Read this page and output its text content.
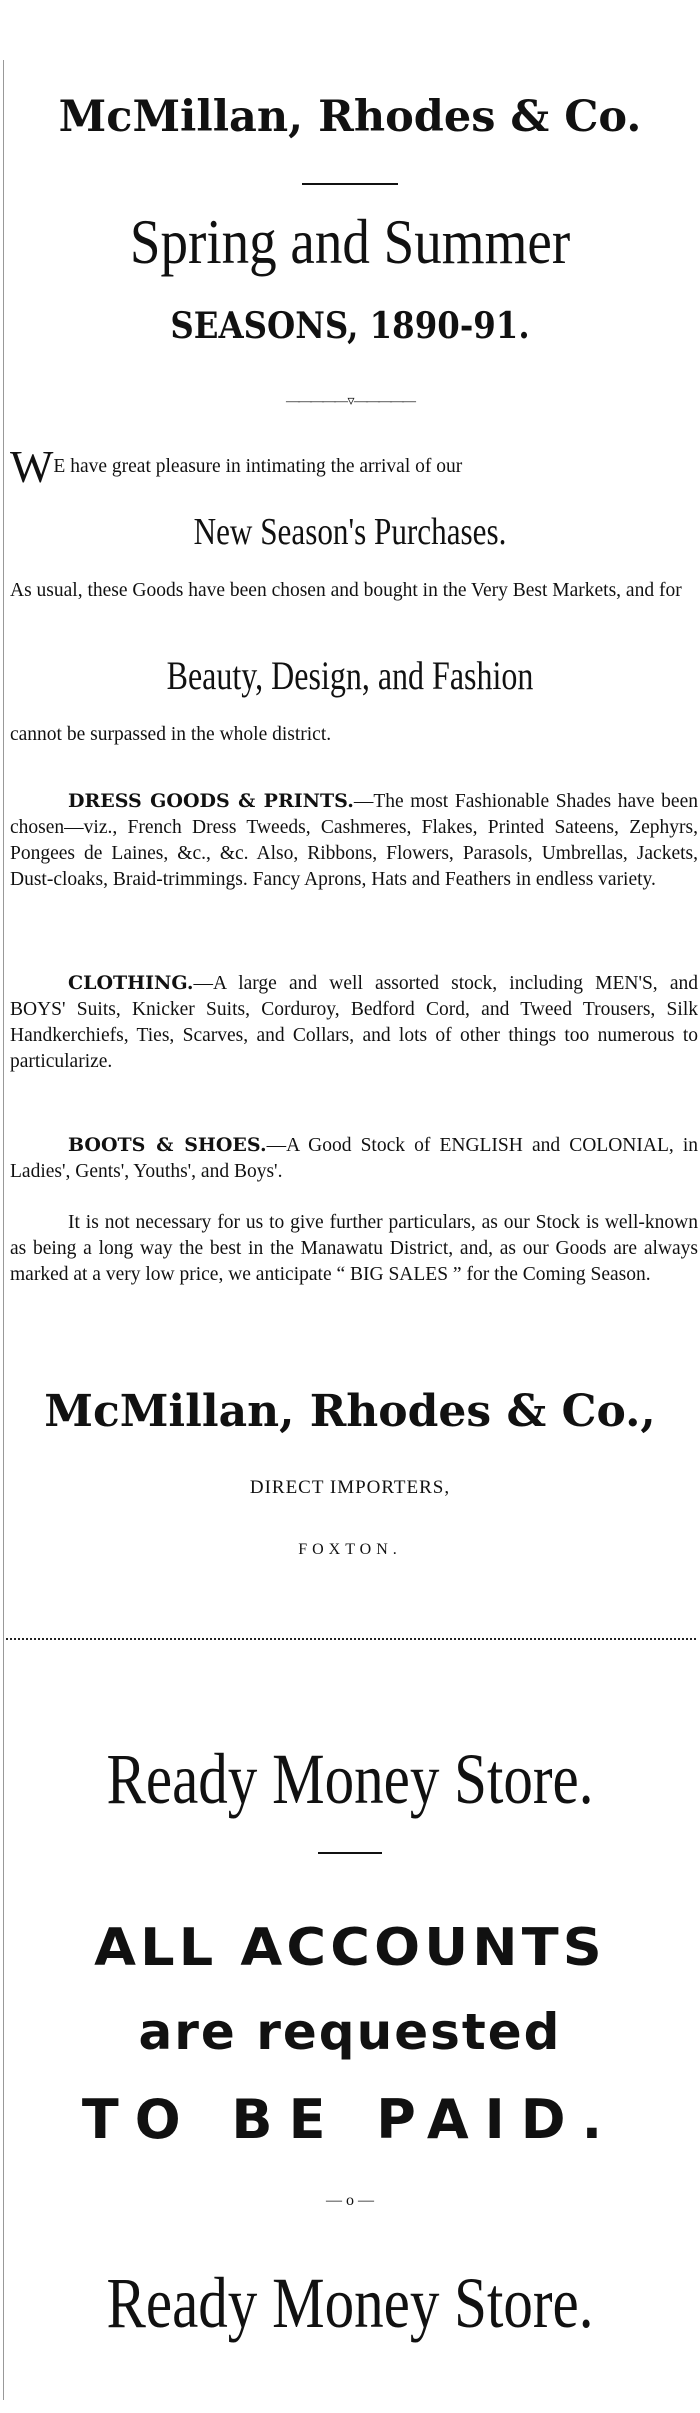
McMillan, Rhodes & Co.
Spring and Summer
SEASONS, 1890-91.
————— ▿ —————
WE have great pleasure in intimating the arrival of our
New Season's Purchases.
As usual, these Goods have been chosen and bought in the Very Best Markets, and for
Beauty, Design, and Fashion
cannot be surpassed in the whole district.

DRESS GOODS & PRINTS.—The most Fashionable Shades have been chosen—viz., French Dress Tweeds, Cashmeres, Flakes, Printed Sateens, Zephyrs, Pongees de Laines, &c., &c. Also, Ribbons, Flowers, Parasols, Umbrellas, Jackets, Dust-cloaks, Braid-trimmings. Fancy Aprons, Hats and Feathers in endless variety.

CLOTHING.—A large and well assorted stock, including MEN'S, and BOYS' Suits, Knicker Suits, Corduroy, Bedford Cord, and Tweed Trousers, Silk Handkerchiefs, Ties, Scarves, and Collars, and lots of other things too numerous to particularize.

BOOTS & SHOES.—A Good Stock of ENGLISH and COLONIAL, in Ladies', Gents', Youths', and Boys'.

It is not necessary for us to give further particulars, as our Stock is well-known as being a long way the best in the Manawatu District, and, as our Goods are always marked at a very low price, we anticipate “ BIG SALES ” for the Coming Season.

McMillan, Rhodes & Co.,
DIRECT IMPORTERS,
FOXTON.
Ready Money Store.
ALL ACCOUNTS
are requested
TO BE PAID.
— o —
Ready Money Store.
